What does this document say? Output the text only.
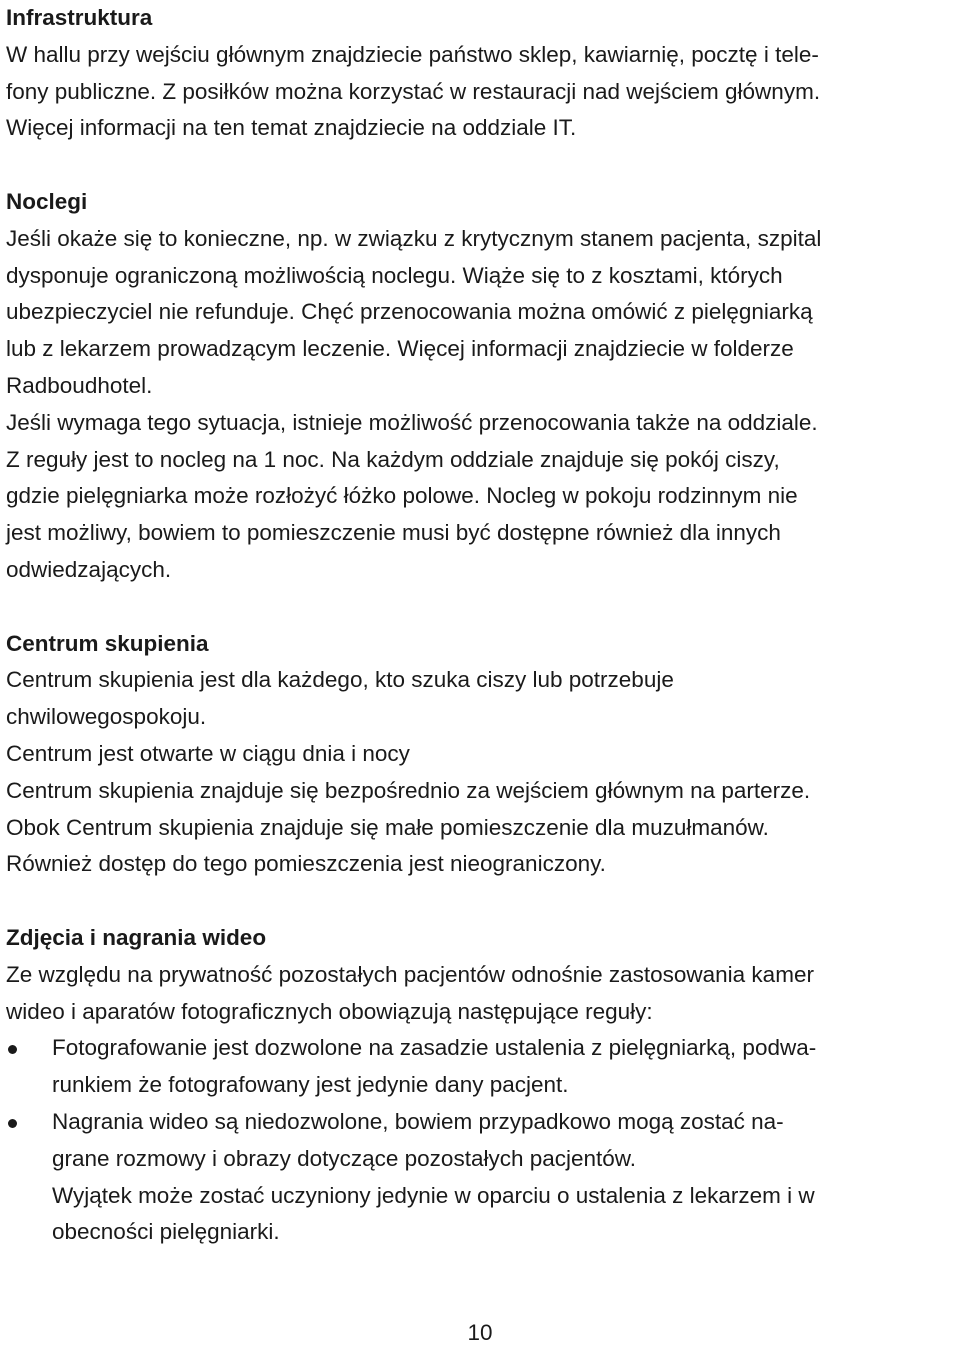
Infrastruktura
W hallu przy wejściu głównym znajdziecie państwo sklep, kawiarnię, pocztę i tele-
fony publiczne. Z posiłków można korzystać w restauracji nad wejściem głównym.
Więcej informacji na ten temat znajdziecie na oddziale IT.
Noclegi
Jeśli okaże się to konieczne, np. w związku z krytycznym stanem pacjenta, szpital
dysponuje ograniczoną możliwością noclegu. Wiąże się to z kosztami, których
ubezpieczyciel nie refunduje. Chęć przenocowania można omówić z pielęgniarką
lub z lekarzem prowadzącym leczenie. Więcej informacji znajdziecie w folderze
Radboudhotel.
Jeśli wymaga tego sytuacja, istnieje możliwość przenocowania także na oddziale.
Z reguły jest to nocleg na 1 noc. Na każdym oddziale znajduje się pokój ciszy,
gdzie pielęgniarka może rozłożyć łóżko polowe. Nocleg w pokoju rodzinnym nie
jest możliwy, bowiem to pomieszczenie musi być dostępne również dla innych
odwiedzających.
Centrum skupienia
Centrum skupienia jest dla każdego, kto szuka ciszy lub potrzebuje
chwilowegospokoju.
Centrum jest otwarte w ciągu dnia i nocy
Centrum skupienia znajduje się bezpośrednio za wejściem głównym na parterze.
Obok Centrum skupienia znajduje się małe pomieszczenie dla muzułmanów.
Również dostęp do tego pomieszczenia jest nieograniczony.
Zdjęcia i nagrania wideo
Ze względu na prywatność pozostałych pacjentów odnośnie zastosowania kamer
wideo i aparatów fotograficznych obowiązują następujące reguły:
Fotografowanie jest dozwolone na zasadzie ustalenia z pielęgniarką, podwa-
runkiem że fotografowany jest jedynie dany pacjent.
Nagrania wideo są niedozwolone, bowiem przypadkowo mogą zostać na-
grane rozmowy i obrazy dotyczące pozostałych pacjentów.
Wyjątek może zostać uczyniony jedynie w oparciu o ustalenia z lekarzem i w
obecności pielęgniarki.
10
